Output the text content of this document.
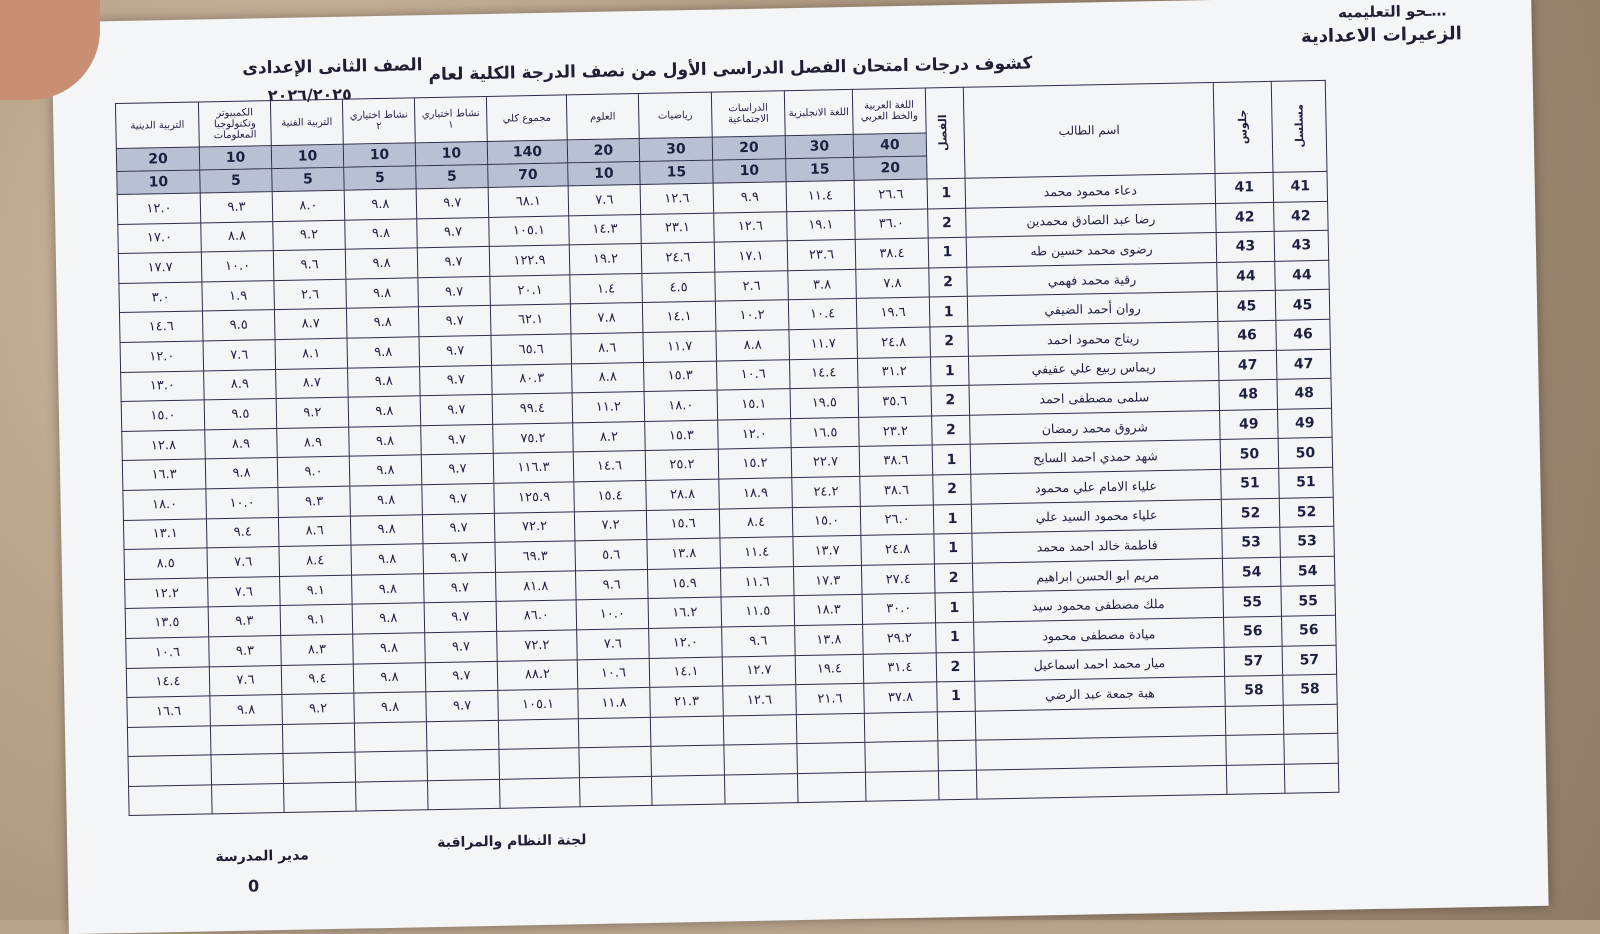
…ـحو التعليميه
الزعيرات الاعدادية
كشوف درجات امتحان الفصل الدراسى الأول من نصف الدرجة الكلية لعام
الصف الثانى الإعدادى
٢٠٢٦/٢٠٢٥
مسلسل	جلوس	اسم الطالب	الفصل	اللغة العربية والخط العربي	اللغة الانجليزية	الدراسات الاجتماعية	رياضيات	العلوم	مجموع كلي	نشاط اختياري ١	نشاط اختياري ٢	التربية الفنية	الكمبيوتر وتكنولوجيا المعلومات	التربية الدينية
				40	30	20	30	20	140	10	10	10	10	20
				20	15	10	15	10	70	5	5	5	5	10
41	41	دعاء محمود محمد	1	٢٦.٦	١١.٤	٩.٩	١٢.٦	٧.٦	٦٨.١	٩.٧	٩.٨	٨.٠	٩.٣	١٢.٠
42	42	رضا عبد الصادق محمدين	2	٣٦.٠	١٩.١	١٢.٦	٢٣.١	١٤.٣	١٠٥.١	٩.٧	٩.٨	٩.٢	٨.٨	١٧.٠
43	43	رضوى محمد حسين طه	1	٣٨.٤	٢٣.٦	١٧.١	٢٤.٦	١٩.٢	١٢٢.٩	٩.٧	٩.٨	٩.٦	١٠.٠	١٧.٧
44	44	رقية محمد فهمي	2	٧.٨	٣.٨	٢.٦	٤.٥	١.٤	٢٠.١	٩.٧	٩.٨	٢.٦	١.٩	٣.٠
45	45	روان أحمد الضيفي	1	١٩.٦	١٠.٤	١٠.٢	١٤.١	٧.٨	٦٢.١	٩.٧	٩.٨	٨.٧	٩.٥	١٤.٦
46	46	ريتاج محمود احمد	2	٢٤.٨	١١.٧	٨.٨	١١.٧	٨.٦	٦٥.٦	٩.٧	٩.٨	٨.١	٧.٦	١٢.٠
47	47	ريماس ربيع علي عفيفي	1	٣١.٢	١٤.٤	١٠.٦	١٥.٣	٨.٨	٨٠.٣	٩.٧	٩.٨	٨.٧	٨.٩	١٣.٠
48	48	سلمى مصطفى احمد	2	٣٥.٦	١٩.٥	١٥.١	١٨.٠	١١.٢	٩٩.٤	٩.٧	٩.٨	٩.٢	٩.٥	١٥.٠
49	49	شروق محمد رمضان	2	٢٣.٢	١٦.٥	١٢.٠	١٥.٣	٨.٢	٧٥.٢	٩.٧	٩.٨	٨.٩	٨.٩	١٢.٨
50	50	شهد حمدي احمد السايح	1	٣٨.٦	٢٢.٧	١٥.٢	٢٥.٢	١٤.٦	١١٦.٣	٩.٧	٩.٨	٩.٠	٩.٨	١٦.٣
51	51	علياء الامام علي محمود	2	٣٨.٦	٢٤.٢	١٨.٩	٢٨.٨	١٥.٤	١٢٥.٩	٩.٧	٩.٨	٩.٣	١٠.٠	١٨.٠
52	52	علياء محمود السيد علي	1	٢٦.٠	١٥.٠	٨.٤	١٥.٦	٧.٢	٧٢.٢	٩.٧	٩.٨	٨.٦	٩.٤	١٣.١
53	53	فاطمة خالد احمد محمد	1	٢٤.٨	١٣.٧	١١.٤	١٣.٨	٥.٦	٦٩.٣	٩.٧	٩.٨	٨.٤	٧.٦	٨.٥
54	54	مريم ابو الحسن ابراهيم	2	٢٧.٤	١٧.٣	١١.٦	١٥.٩	٩.٦	٨١.٨	٩.٧	٩.٨	٩.١	٧.٦	١٢.٢
55	55	ملك مصطفى محمود سيد	1	٣٠.٠	١٨.٣	١١.٥	١٦.٢	١٠.٠	٨٦.٠	٩.٧	٩.٨	٩.١	٩.٣	١٣.٥
56	56	ميادة مصطفى محمود	1	٢٩.٢	١٣.٨	٩.٦	١٢.٠	٧.٦	٧٢.٢	٩.٧	٩.٨	٨.٣	٩.٣	١٠.٦
57	57	ميار محمد احمد اسماعيل	2	٣١.٤	١٩.٤	١٢.٧	١٤.١	١٠.٦	٨٨.٢	٩.٧	٩.٨	٩.٤	٧.٦	١٤.٤
58	58	هبة جمعة عبد الرضي	1	٣٧.٨	٢١.٦	١٢.٦	٢١.٣	١١.٨	١٠٥.١	٩.٧	٩.٨	٩.٢	٩.٨	١٦.٦

لجنة النظام والمراقبة
مدير المدرسة
0
